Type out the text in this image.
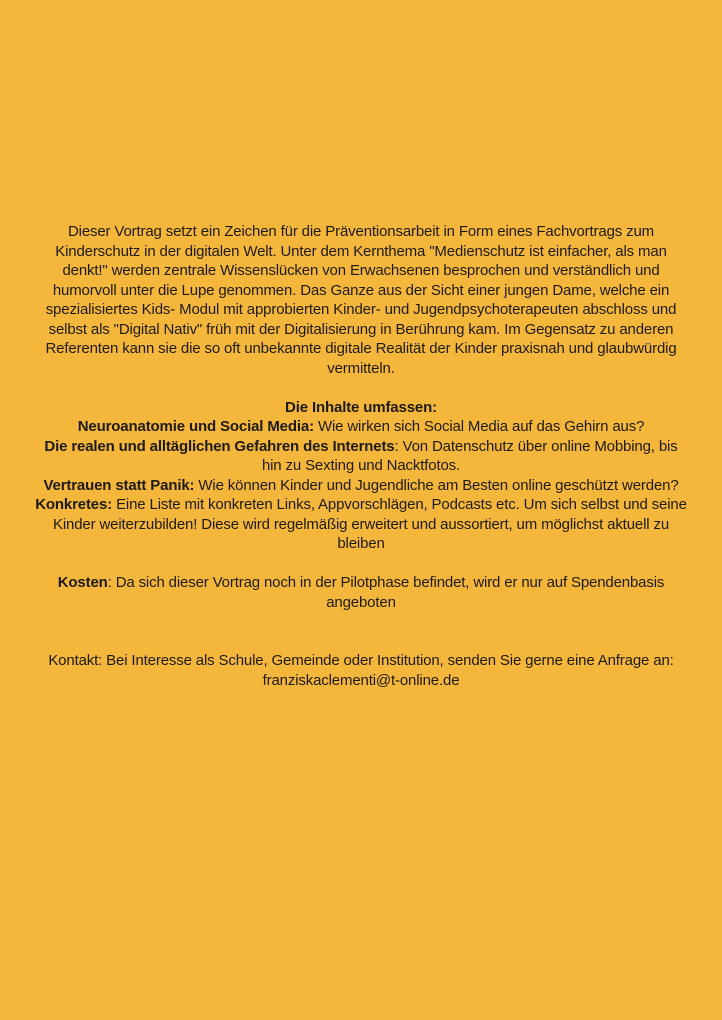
Dieser Vortrag setzt ein Zeichen für die Präventionsarbeit in Form eines Fachvortrags zum Kinderschutz in der digitalen Welt. Unter dem Kernthema "Medienschutz ist einfacher, als man denkt!" werden zentrale Wissenslücken von Erwachsenen besprochen und verständlich und humorvoll unter die Lupe genommen. Das Ganze aus der Sicht einer jungen Dame, welche ein spezialisiertes Kids- Modul mit approbierten Kinder- und Jugendpsychoterapeuten abschloss und selbst als "Digital Nativ" früh mit der Digitalisierung in Berührung kam. Im Gegensatz zu anderen Referenten kann sie die so oft unbekannte digitale Realität der Kinder praxisnah und glaubwürdig vermitteln.

Die Inhalte umfassen:

Neuroanatomie und Social Media: Wie wirken sich Social Media auf das Gehirn aus?

Die realen und alltäglichen Gefahren des Internets: Von Datenschutz über online Mobbing, bis hin zu Sexting und Nacktfotos.

Vertrauen statt Panik: Wie können Kinder und Jugendliche am Besten online geschützt werden?

Konkretes: Eine Liste mit konkreten Links, Appvorschlägen, Podcasts etc. Um sich selbst und seine Kinder weiterzubilden! Diese wird regelmäßig erweitert und aussortiert, um möglichst aktuell zu bleiben

Kosten: Da sich dieser Vortrag noch in der Pilotphase befindet, wird er nur auf Spendenbasis angeboten

Kontakt: Bei Interesse als Schule, Gemeinde oder Institution, senden Sie gerne eine Anfrage an:
franziskaclementi@t-online.de
